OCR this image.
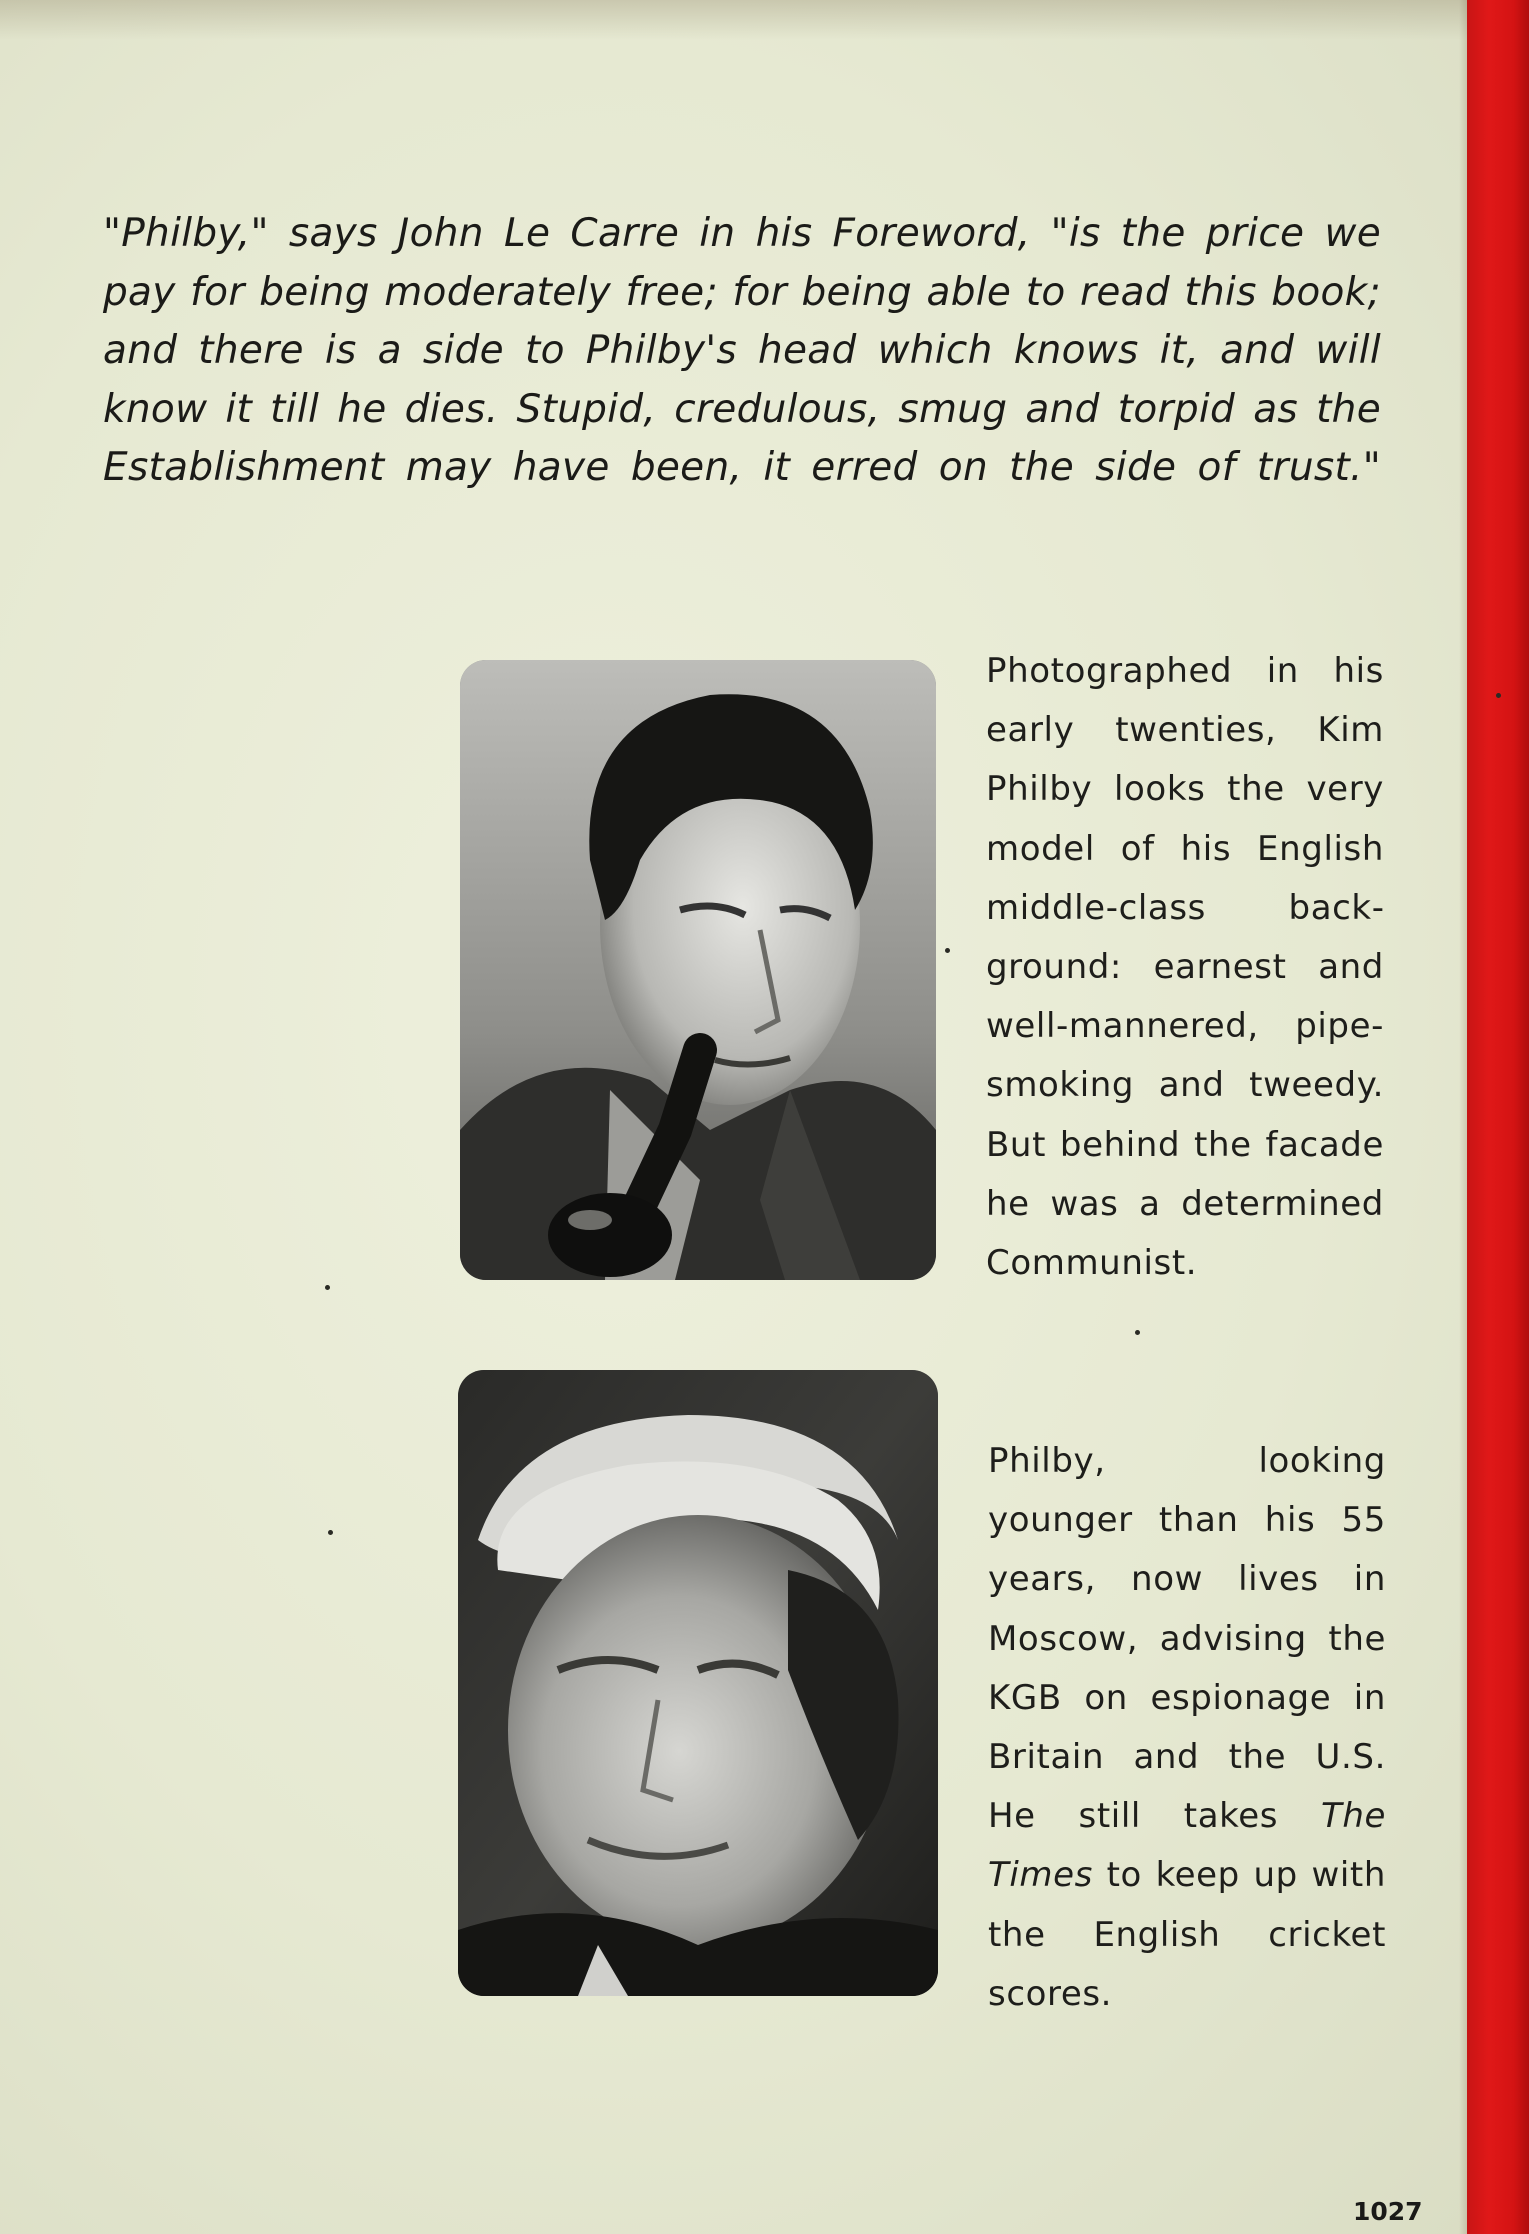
"Philby," says John Le Carre in his Foreword, "is the price we pay for being moderately free; for being able to read this book; and there is a side to Philby's head which knows it, and will know it till he dies. Stupid, credulous, smug and torpid as the Establishment may have been, it erred on the side of trust."

Photographed in his early twenties, Kim Philby looks the very model of his English middle-class background: earnest and well-mannered, pipe-smoking and tweedy. But behind the facade he was a determined Communist.

Philby, looking younger than his 55 years, now lives in Moscow, advising the KGB on espionage in Britain and the U.S. He still takes The Times to keep up with the English cricket scores.

1027
